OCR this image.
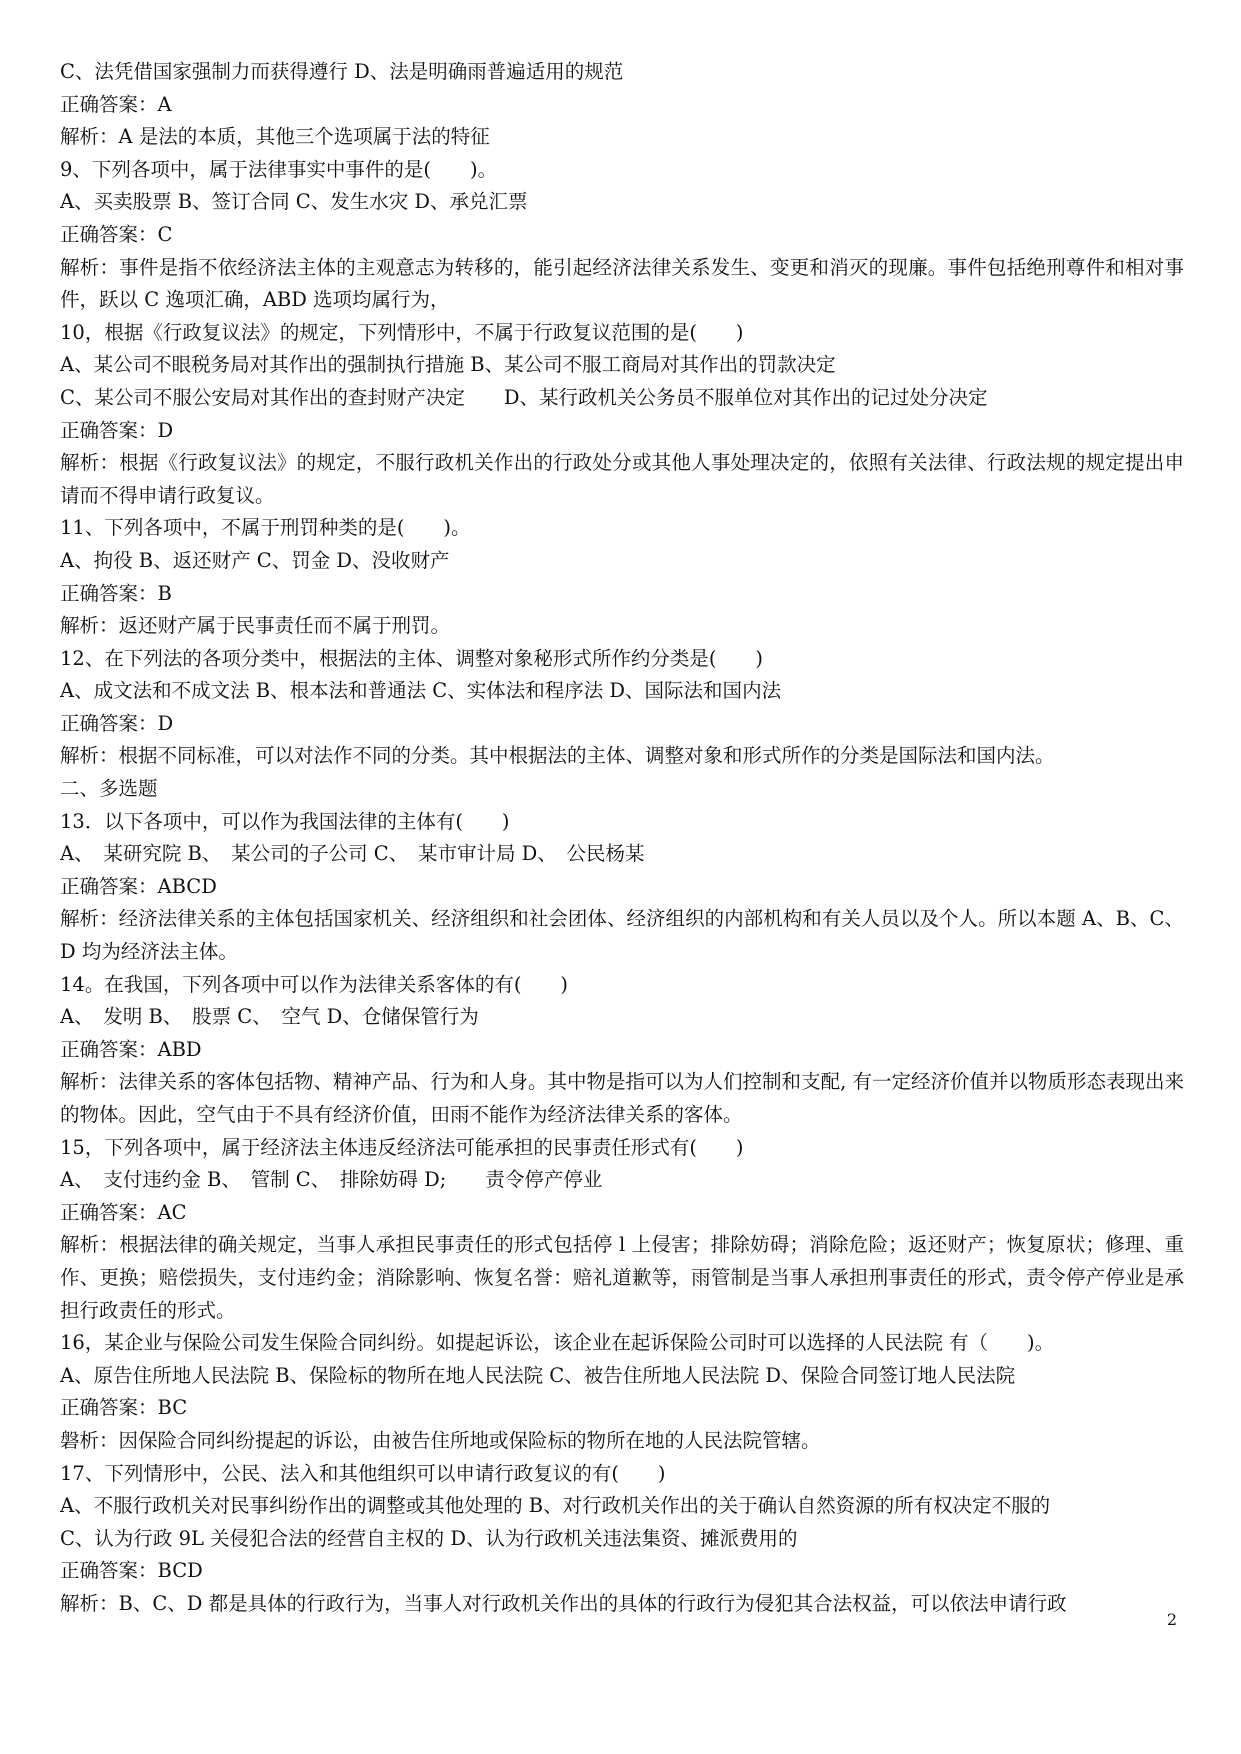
C、法凭借国家强制力而获得遵行 D、法是明确雨普遍适用的规范
正确答案：A
解析：A 是法的本质，其他三个选项属于法的特征
9、下列各项中，属于法律事实中事件的是(　　)。
A、买卖股票 B、签订合同 C、发生水灾 D、承兑汇票
正确答案：C
解析：事件是指不依经济法主体的主观意志为转移的，能引起经济法律关系发生、变更和消灭的现廉。事件包括绝刑尊件和相对事件，跃以 C 逸项汇确，ABD 选项均属行为，
10，根据《行政复议法》的规定，下列情形中，不属于行政复议范围的是(　　)
A、某公司不眼税务局对其作出的强制执行措施 B、某公司不服工商局对其作出的罚款决定
C、某公司不服公安局对其作出的查封财产决定　　D、某行政机关公务员不服单位对其作出的记过处分决定
正确答案：D
解析：根据《行政复议法》的规定，不服行政机关作出的行政处分或其他人事处理决定的，依照有关法律、行政法规的规定提出申请而不得申请行政复议。
11、下列各项中，不属于刑罚种类的是(　　)。
A、拘役 B、返还财产 C、罚金 D、没收财产
正确答案：B
解析：返还财产属于民事责任而不属于刑罚。
12、在下列法的各项分类中，根据法的主体、调整对象秘形式所作约分类是(　　)
A、成文法和不成文法 B、根本法和普通法 C、实体法和程序法 D、国际法和国内法
正确答案：D
解析：根据不同标准，可以对法作不同的分类。其中根据法的主体、调整对象和形式所作的分类是国际法和国内法。
二、多选题
13．以下各项中，可以作为我国法律的主体有(　　)
A、　某研究院 B、　某公司的子公司 C、　某市审计局 D、　公民杨某
正确答案：ABCD
解析：经济法律关系的主体包括国家机关、经济组织和社会团体、经济组织的内部机构和有关人员以及个人。所以本题 A、B、C、D 均为经济法主体。
14。在我国，下列各项中可以作为法律关系客体的有(　　)
A、　发明 B、　股票 C、　空气 D、仓储保管行为
正确答案：ABD
解析：法律关系的客体包括物、精神产品、行为和人身。其中物是指可以为人们控制和支配, 有一定经济价值并以物质形态表现出来的物体。因此，空气由于不具有经济价值，田雨不能作为经济法律关系的客体。
15，下列各项中，属于经济法主体违反经济法可能承担的民事责任形式有(　　)
A、　支付违约金 B、　管制 C、　排除妨碍 D;　　责令停产停业
正确答案：AC
解析：根据法律的确关规定，当事人承担民事责任的形式包括停 l 上侵害；排除妨碍；消除危险；返还财产；恢复原状；修理、重作、更换；赔偿损失，支付违约金；消除影响、恢复名誉：赔礼道歉等，雨管制是当事人承担刑事责任的形式，责令停产停业是承担行政责任的形式。
16，某企业与保险公司发生保险合同纠纷。如提起诉讼，该企业在起诉保险公司时可以选择的人民法院 有（　　)。
A、原告住所地人民法院 B、保险标的物所在地人民法院 C、被告住所地人民法院 D、保险合同签订地人民法院
正确答案：BC
磐析：因保险合同纠纷提起的诉讼，由被告住所地或保险标的物所在地的人民法院管辖。
17、下列情形中，公民、法入和其他组织可以申请行政复议的有(　　)
A、不服行政机关对民事纠纷作出的调整或其他处理的 B、对行政机关作出的关于确认自然资源的所有权决定不服的
C、认为行政 9L 关侵犯合法的经营自主权的 D、认为行政机关违法集资、摊派费用的
正确答案：BCD
解析：B、C、D 都是具体的行政行为，当事人对行政机关作出的具体的行政行为侵犯其合法权益，可以依法申请行政
2
